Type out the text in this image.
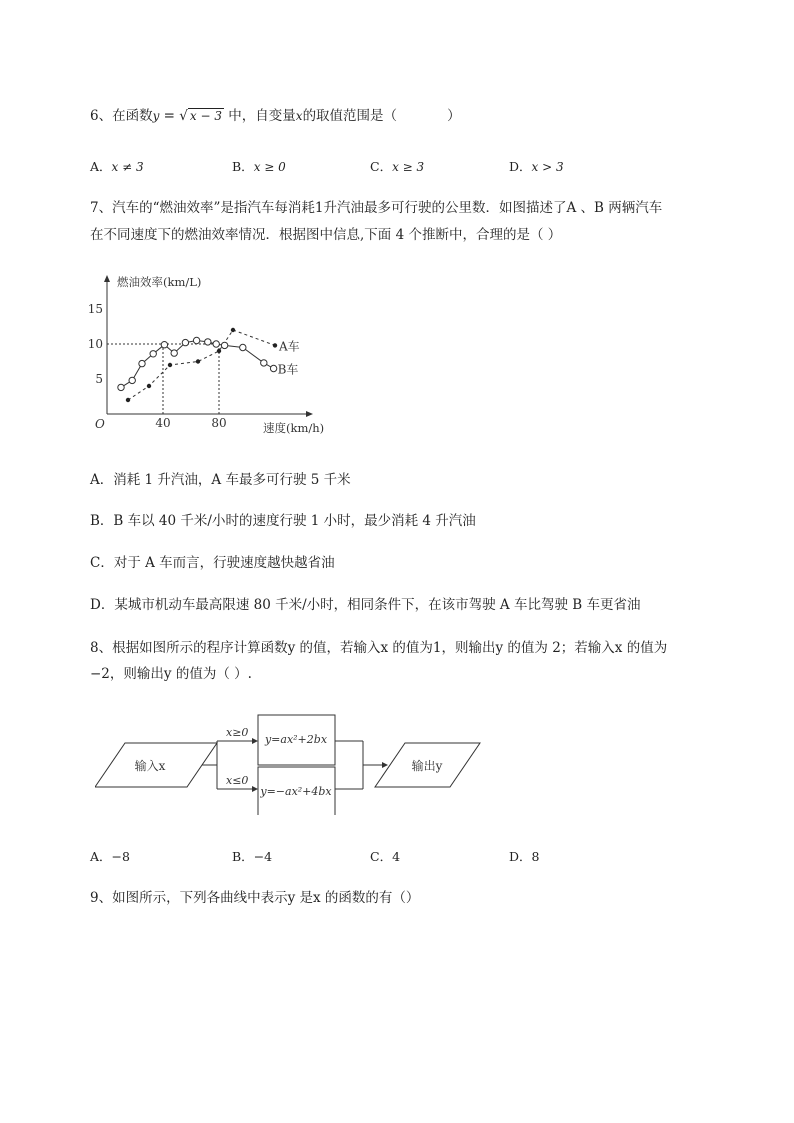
6、在函数y = √ x − 3 中，自变量x的取值范围是（	）
A．x ≠ 3	B．x ≥ 0	C．x ≥ 3	D．x > 3
7、汽车的“燃油效率”是指汽车每消耗1升汽油最多可行驶的公里数．如图描述了A 、B 两辆汽车
在不同速度下的燃油效率情况．根据图中信息,下面 4 个推断中，合理的是（ ）
5
10
15
40	80
O
燃油效率(km/L)
速度(km/h)
A车
B车
A．消耗 1 升汽油，A 车最多可行驶 5 千米
B．B 车以 40 千米/小时的速度行驶 1 小时，最少消耗 4 升汽油
C．对于 A 车而言，行驶速度越快越省油
D．某城市机动车最高限速 80 千米/小时，相同条件下，在该市驾驶 A 车比驾驶 B 车更省油
8、根据如图所示的程序计算函数y 的值，若输入x 的值为1，则输出y 的值为 2；若输入x 的值为
−2，则输出y 的值为（ ）.
输入x
x≥0
x≤0
y=ax²+2bx
y=−ax²+4bx
输出y
A．−8	B．−4	C．4	D．8
9、如图所示，下列各曲线中表示y 是x 的函数的有（）
